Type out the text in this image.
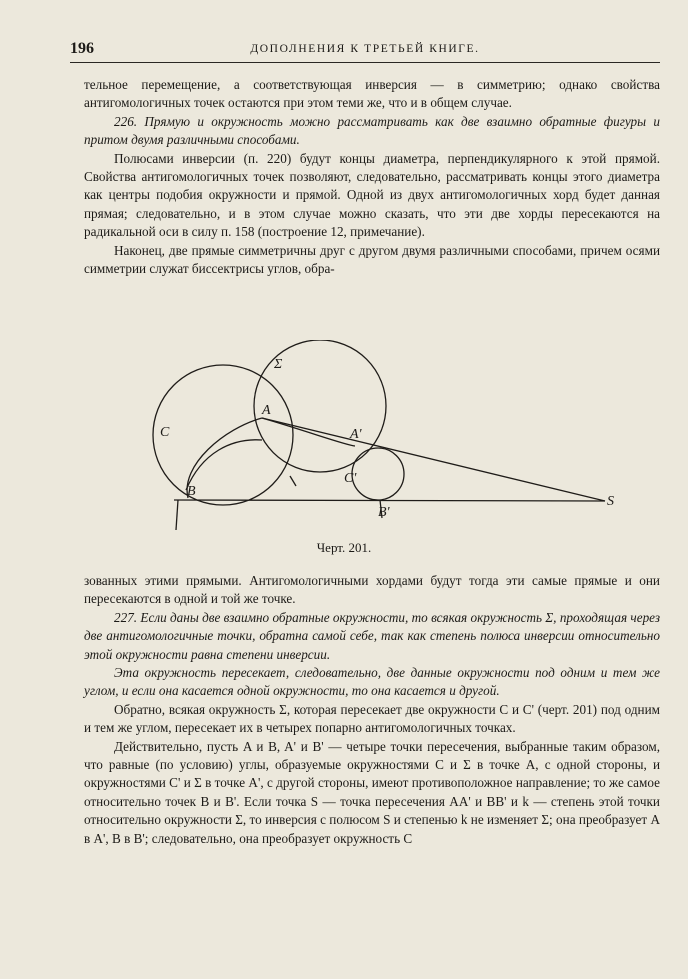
196	ДОПОЛНЕНИЯ К ТРЕТЬЕЙ КНИГЕ.

тельное перемещение, а соответствующая инверсия — в симметрию; однако свойства антигомологичных точек остаются при этом теми же, что и в общем случае.

226. Прямую и окружность можно рассматривать как две взаимно обратные фигуры и притом двумя различными способами.

Полюсами инверсии (п. 220) будут концы диаметра, перпендикулярного к этой прямой. Свойства антигомологичных точек позволяют, следовательно, рассматривать концы этого диаметра как центры подобия окружности и прямой. Одной из двух антигомологичных хорд будет данная прямая; следовательно, и в этом случае можно сказать, что эти две хорды пересекаются на радикальной оси в силу п. 158 (построение 12, примечание).

Наконец, две прямые симметричны друг с другом двумя различными способами, причем осями симметрии служат биссектрисы углов, обра-

Σ
C
A
A'
C'
B
B'
S
Черт. 201.

зованных этими прямыми. Антигомологичными хордами будут тогда эти самые прямые и они пересекаются в одной и той же точке.

227. Если даны две взаимно обратные окружности, то всякая окружность Σ, проходящая через две антигомологичные точки, обратна самой себе, так как степень полюса инверсии относительно этой окружности равна степени инверсии.

Эта окружность пересекает, следовательно, две данные окружности под одним и тем же углом, и если она касается одной окружности, то она касается и другой.

Обратно, всякая окружность Σ, которая пересекает две окружности C и C' (черт. 201) под одним и тем же углом, пересекает их в четырех попарно антигомологичных точках.

Действительно, пусть A и B, A' и B' — четыре точки пересечения, выбранные таким образом, что равные (по условию) углы, образуемые окружностями C и Σ в точке A, с одной стороны, и окружностями C' и Σ в точке A', с другой стороны, имеют противоположное направление; то же самое относительно точек B и B'. Если точка S — точка пересечения AA' и BB' и k — степень этой точки относительно окружности Σ, то инверсия с полюсом S и степенью k не изменяет Σ; она преобразует A в A', B в B'; следовательно, она преобразует окружность C
